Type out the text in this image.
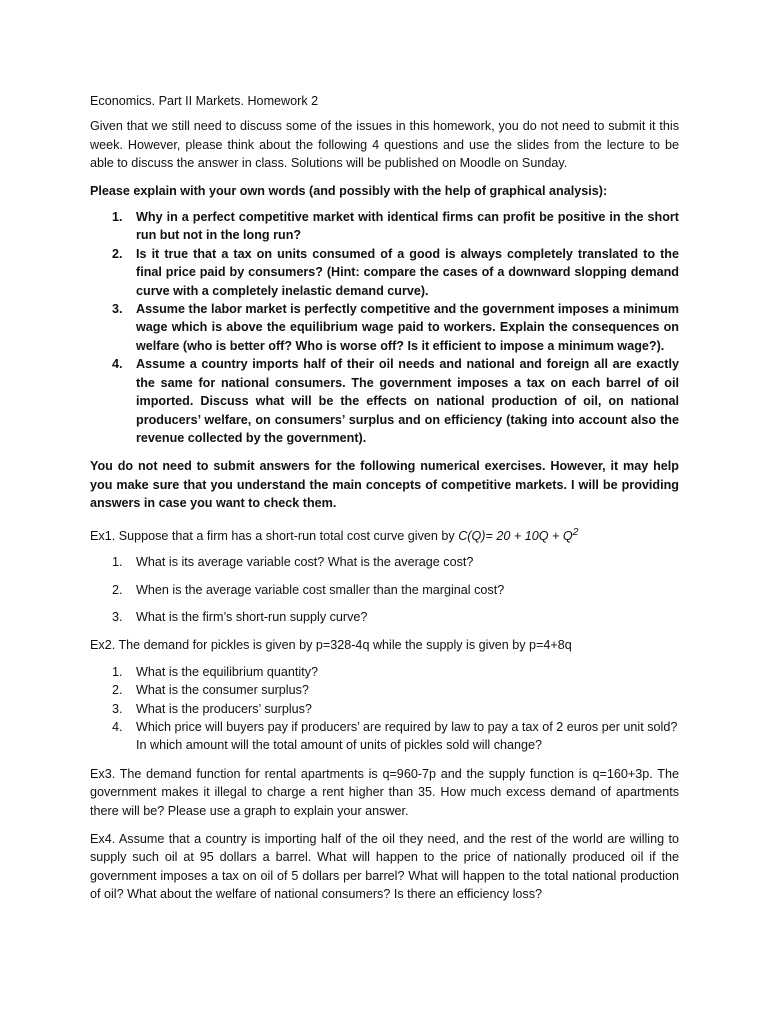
Economics. Part II Markets. Homework 2

Given that we still need to discuss some of the issues in this homework, you do not need to submit it this week. However, please think about the following 4 questions and use the slides from the lecture to be able to discuss the answer in class. Solutions will be published on Moodle on Sunday.

Please explain with your own words (and possibly with the help of graphical analysis):

1. Why in a perfect competitive market with identical firms can profit be positive in the short run but not in the long run?
2. Is it true that a tax on units consumed of a good is always completely translated to the final price paid by consumers? (Hint: compare the cases of a downward slopping demand curve with a completely inelastic demand curve).
3. Assume the labor market is perfectly competitive and the government imposes a minimum wage which is above the equilibrium wage paid to workers. Explain the consequences on welfare (who is better off? Who is worse off? Is it efficient to impose a minimum wage?).
4. Assume a country imports half of their oil needs and national and foreign all are exactly the same for national consumers. The government imposes a tax on each barrel of oil imported. Discuss what will be the effects on national production of oil, on national producers’ welfare, on consumers’ surplus and on efficiency (taking into account also the revenue collected by the government).

You do not need to submit answers for the following numerical exercises. However, it may help you make sure that you understand the main concepts of competitive markets. I will be providing answers in case you want to check them.

Ex1. Suppose that a firm has a short-run total cost curve given by $C(Q)= 20 + 10Q + Q^2$

1. What is its average variable cost? What is the average cost?
2. When is the average variable cost smaller than the marginal cost?
3. What is the firm’s short-run supply curve?

Ex2. The demand for pickles is given by p=328-4q while the supply is given by p=4+8q

1. What is the equilibrium quantity?
2. What is the consumer surplus?
3. What is the producers’ surplus?
4. Which price will buyers pay if producers’ are required by law to pay a tax of 2 euros per unit sold? In which amount will the total amount of units of pickles sold will change?

Ex3. The demand function for rental apartments is q=960-7p and the supply function is q=160+3p. The government makes it illegal to charge a rent higher than 35. How much excess demand of apartments there will be? Please use a graph to explain your answer.

Ex4. Assume that a country is importing half of the oil they need, and the rest of the world are willing to supply such oil at 95 dollars a barrel. What will happen to the price of nationally produced oil if the government imposes a tax on oil of 5 dollars per barrel? What will happen to the total national production of oil? What about the welfare of national consumers? Is there an efficiency loss?
